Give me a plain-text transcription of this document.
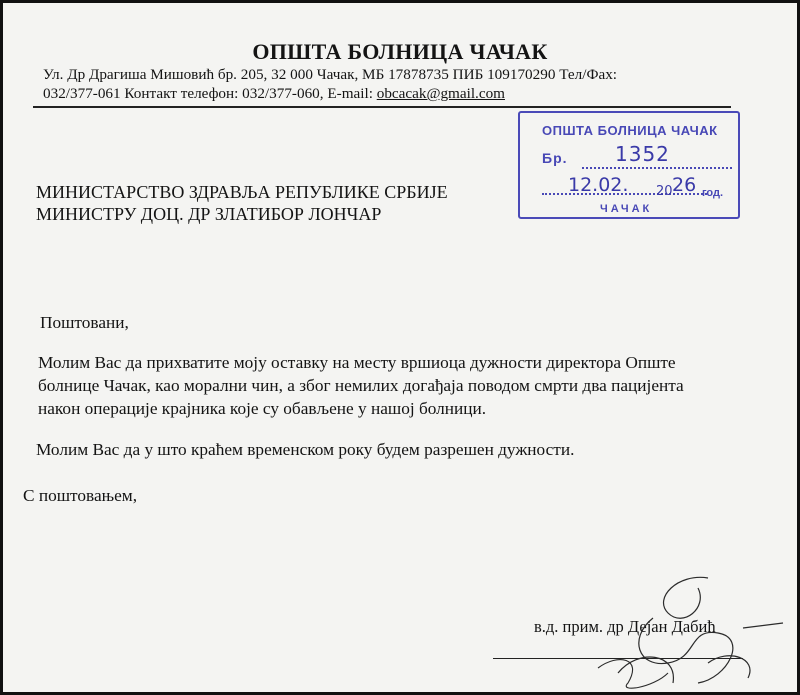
ОПШТА БОЛНИЦА ЧАЧАК
Ул. Др Драгиша Мишовић бр. 205, 32 000 Чачак, МБ 17878735 ПИБ 109170290 Тел/Фах:
032/377-061 Контакт телефон: 032/377-060, E-mail: obcacak@gmail.com
ОПШТА БОЛНИЦА ЧАЧАК
Бр.
год.
ЧАЧАК
1352
12.02. 20 26
МИНИСТАРСТВО ЗДРАВЉА РЕПУБЛИКЕ СРБИЈЕ
МИНИСТРУ ДОЦ. ДР ЗЛАТИБОР ЛОНЧАР
Поштовани,
Молим Вас да прихватите моју оставку на месту вршиоца дужности директора Опште
болнице Чачак, као морални чин, а због немилих догађаја поводом смрти два пацијента
након операције крајника које су обављене у нашој болници.
Молим Вас да у што краћем временском року будем разрешен дужности.
С поштовањем,
в.д. прим. др Дејан Дабић
